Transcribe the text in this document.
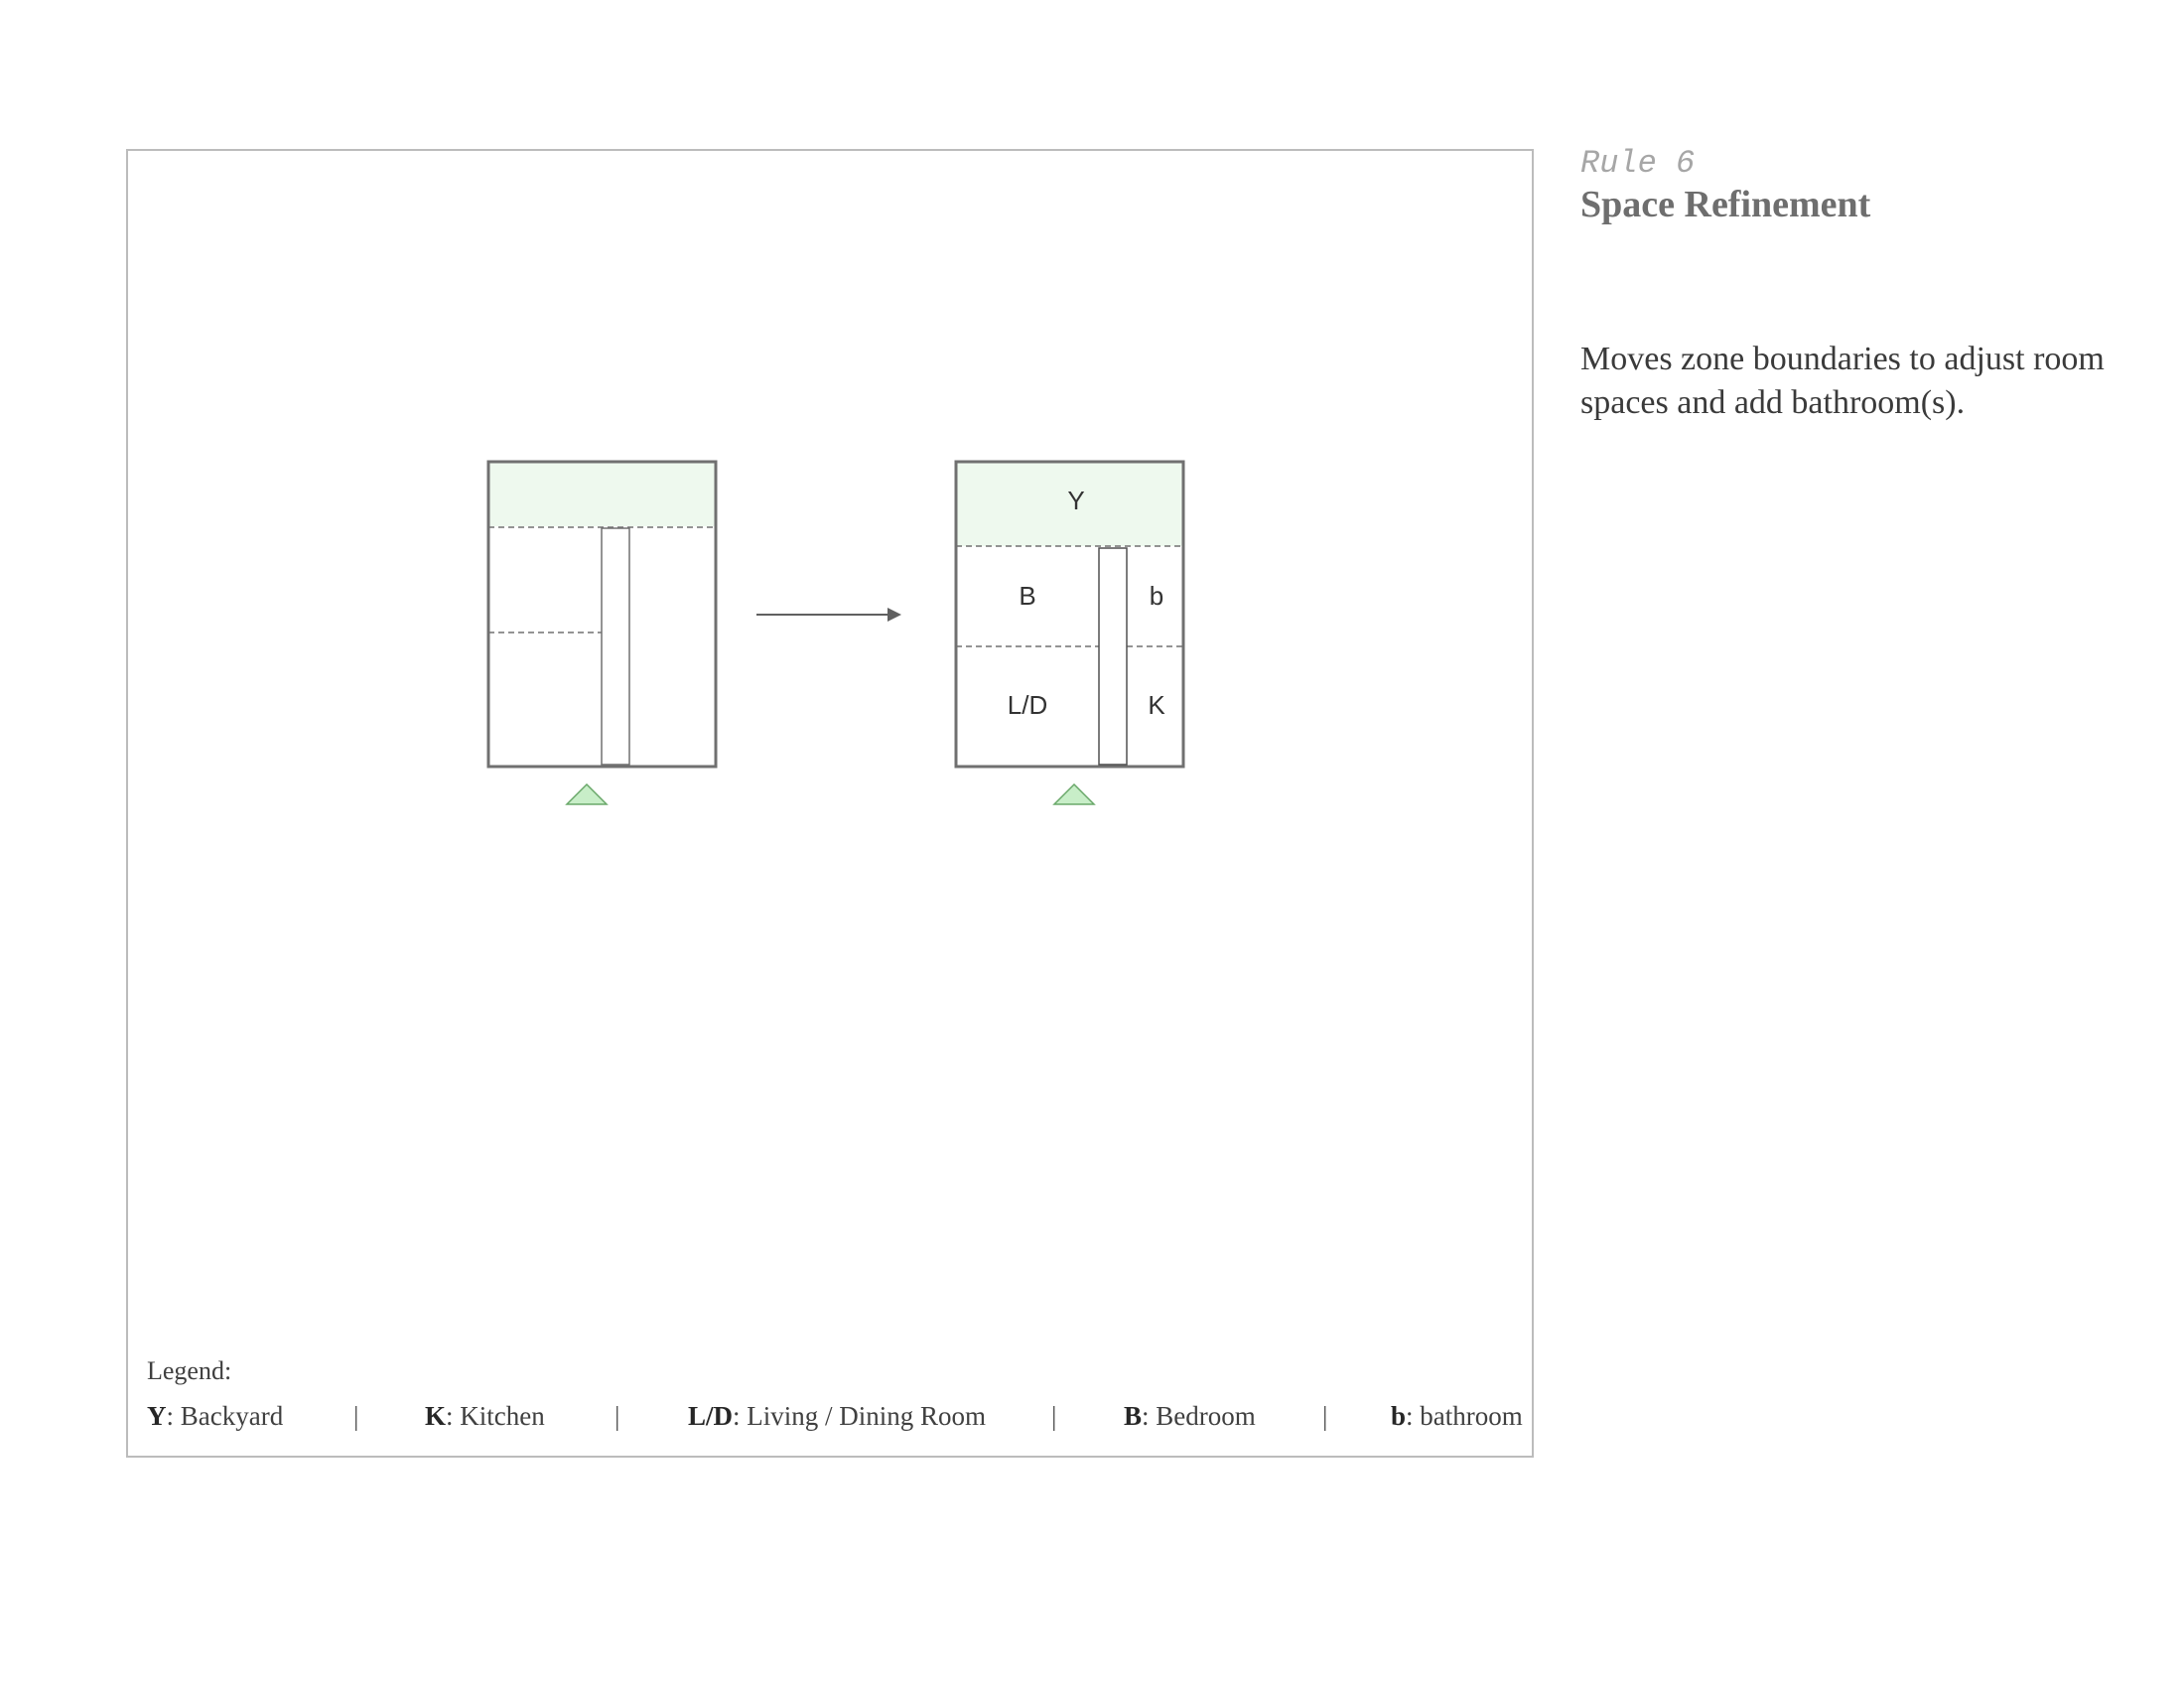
Y
B	b
L/D	K
Legend:
Y: Backyard	| K: Kitchen	|	L/D: Living / Dining Room |	B: Bedroom | b: bathroom
Rule 6
Space Refinement
Moves zone boundaries to adjust room spaces and add bathroom(s).
